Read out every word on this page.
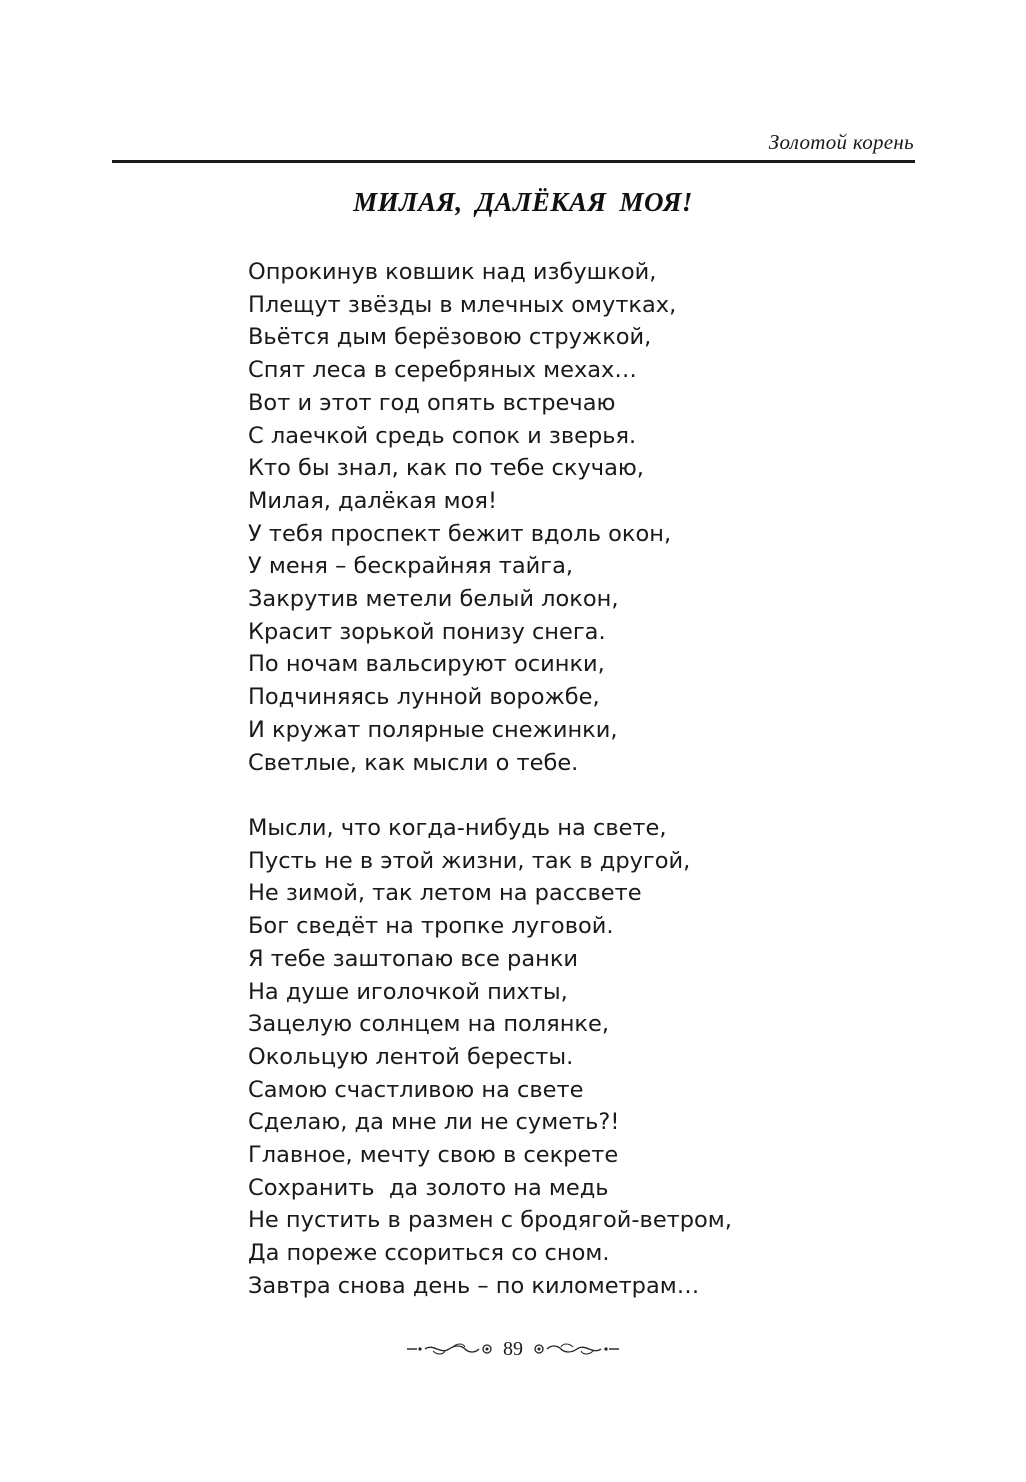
Золотой корень
МИЛАЯ, ДАЛЁКАЯ МОЯ!
Опрокинув ковшик над избушкой,
Плещут звёзды в млечных омутках,
Вьётся дым берёзовою стружкой,
Спят леса в серебряных мехах…
Вот и этот год опять встречаю
С лаечкой средь сопок и зверья.
Кто бы знал, как по тебе скучаю,
Милая, далёкая моя!
У тебя проспект бежит вдоль окон,
У меня – бескрайняя тайга,
Закрутив метели белый локон,
Красит зорькой понизу снега.
По ночам вальсируют осинки,
Подчиняясь лунной ворожбе,
И кружат полярные снежинки,
Светлые, как мысли о тебе.
Мысли, что когда-нибудь на свете,
Пусть не в этой жизни, так в другой,
Не зимой, так летом на рассвете
Бог сведёт на тропке луговой.
Я тебе заштопаю все ранки
На душе иголочкой пихты,
Зацелую солнцем на полянке,
Окольцую лентой бересты.
Самою счастливою на свете
Сделаю, да мне ли не суметь?!
Главное, мечту свою в секрете
Сохранить  да золото на медь
Не пустить в размен с бродягой-ветром,
Да пореже ссориться со сном.
Завтра снова день – по километрам…
89
